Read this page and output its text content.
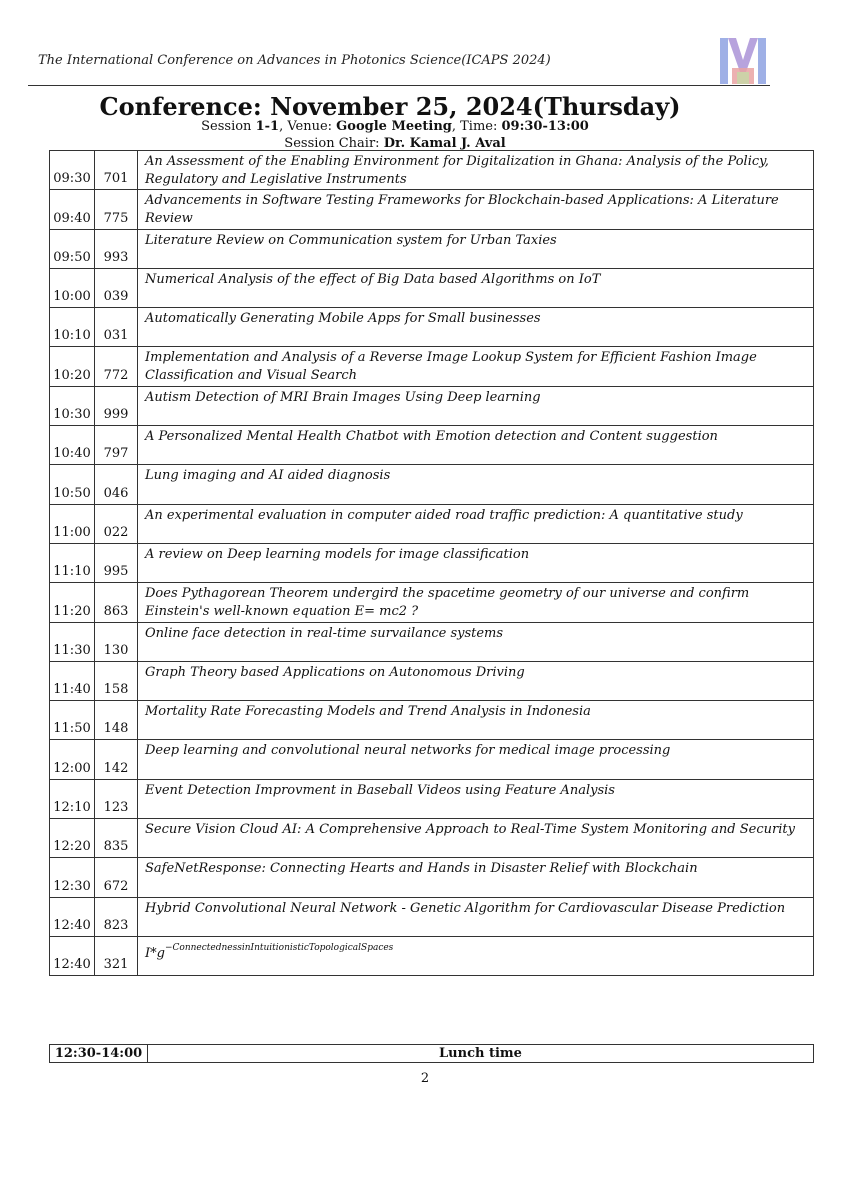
The International Conference on Advances in Photonics Science(ICAPS 2024)
Conference: November 25, 2024(Thursday)
Session 1-1, Venue: Google Meeting, Time: 09:30-13:00
Session Chair: Dr. Kamal J. Aval
09:30	701	An Assessment of the Enabling Environment for Digitalization in Ghana: Analysis of the Policy, Regulatory and Legislative Instruments
09:40	775	Advancements in Software Testing Frameworks for Blockchain-based Applications: A Literature Review
09:50	993	Literature Review on Communication system for Urban Taxies
10:00	039	Numerical Analysis of the effect of Big Data based Algorithms on IoT
10:10	031	Automatically Generating Mobile Apps for Small businesses
10:20	772	Implementation and Analysis of a Reverse Image Lookup System for Efficient Fashion Image Classification and Visual Search
10:30	999	Autism Detection of MRI Brain Images Using Deep learning
10:40	797	A Personalized Mental Health Chatbot with Emotion detection and Content suggestion
10:50	046	Lung imaging and AI aided diagnosis
11:00	022	An experimental evaluation in computer aided road traffic prediction: A quantitative study
11:10	995	A review on Deep learning models for image classification
11:20	863	Does Pythagorean Theorem undergird the spacetime geometry of our universe and confirm Einstein's well-known equation E= mc2 ?
11:30	130	Online face detection in real-time survailance systems
11:40	158	Graph Theory based Applications on Autonomous Driving
11:50	148	Mortality Rate Forecasting Models and Trend Analysis in Indonesia
12:00	142	Deep learning and convolutional neural networks for medical image processing
12:10	123	Event Detection Improvment in Baseball Videos using Feature Analysis
12:20	835	Secure Vision Cloud AI: A Comprehensive Approach to Real-Time System Monitoring and Security
12:30	672	SafeNetResponse: Connecting Hearts and Hands in Disaster Relief with Blockchain
12:40	823	Hybrid Convolutional Neural Network - Genetic Algorithm for Cardiovascular Disease Prediction
12:40	321	$I*g^{-ConnectednessinIntuitionisticTopologicalSpaces}$
12:30-14:00	Lunch time
2
